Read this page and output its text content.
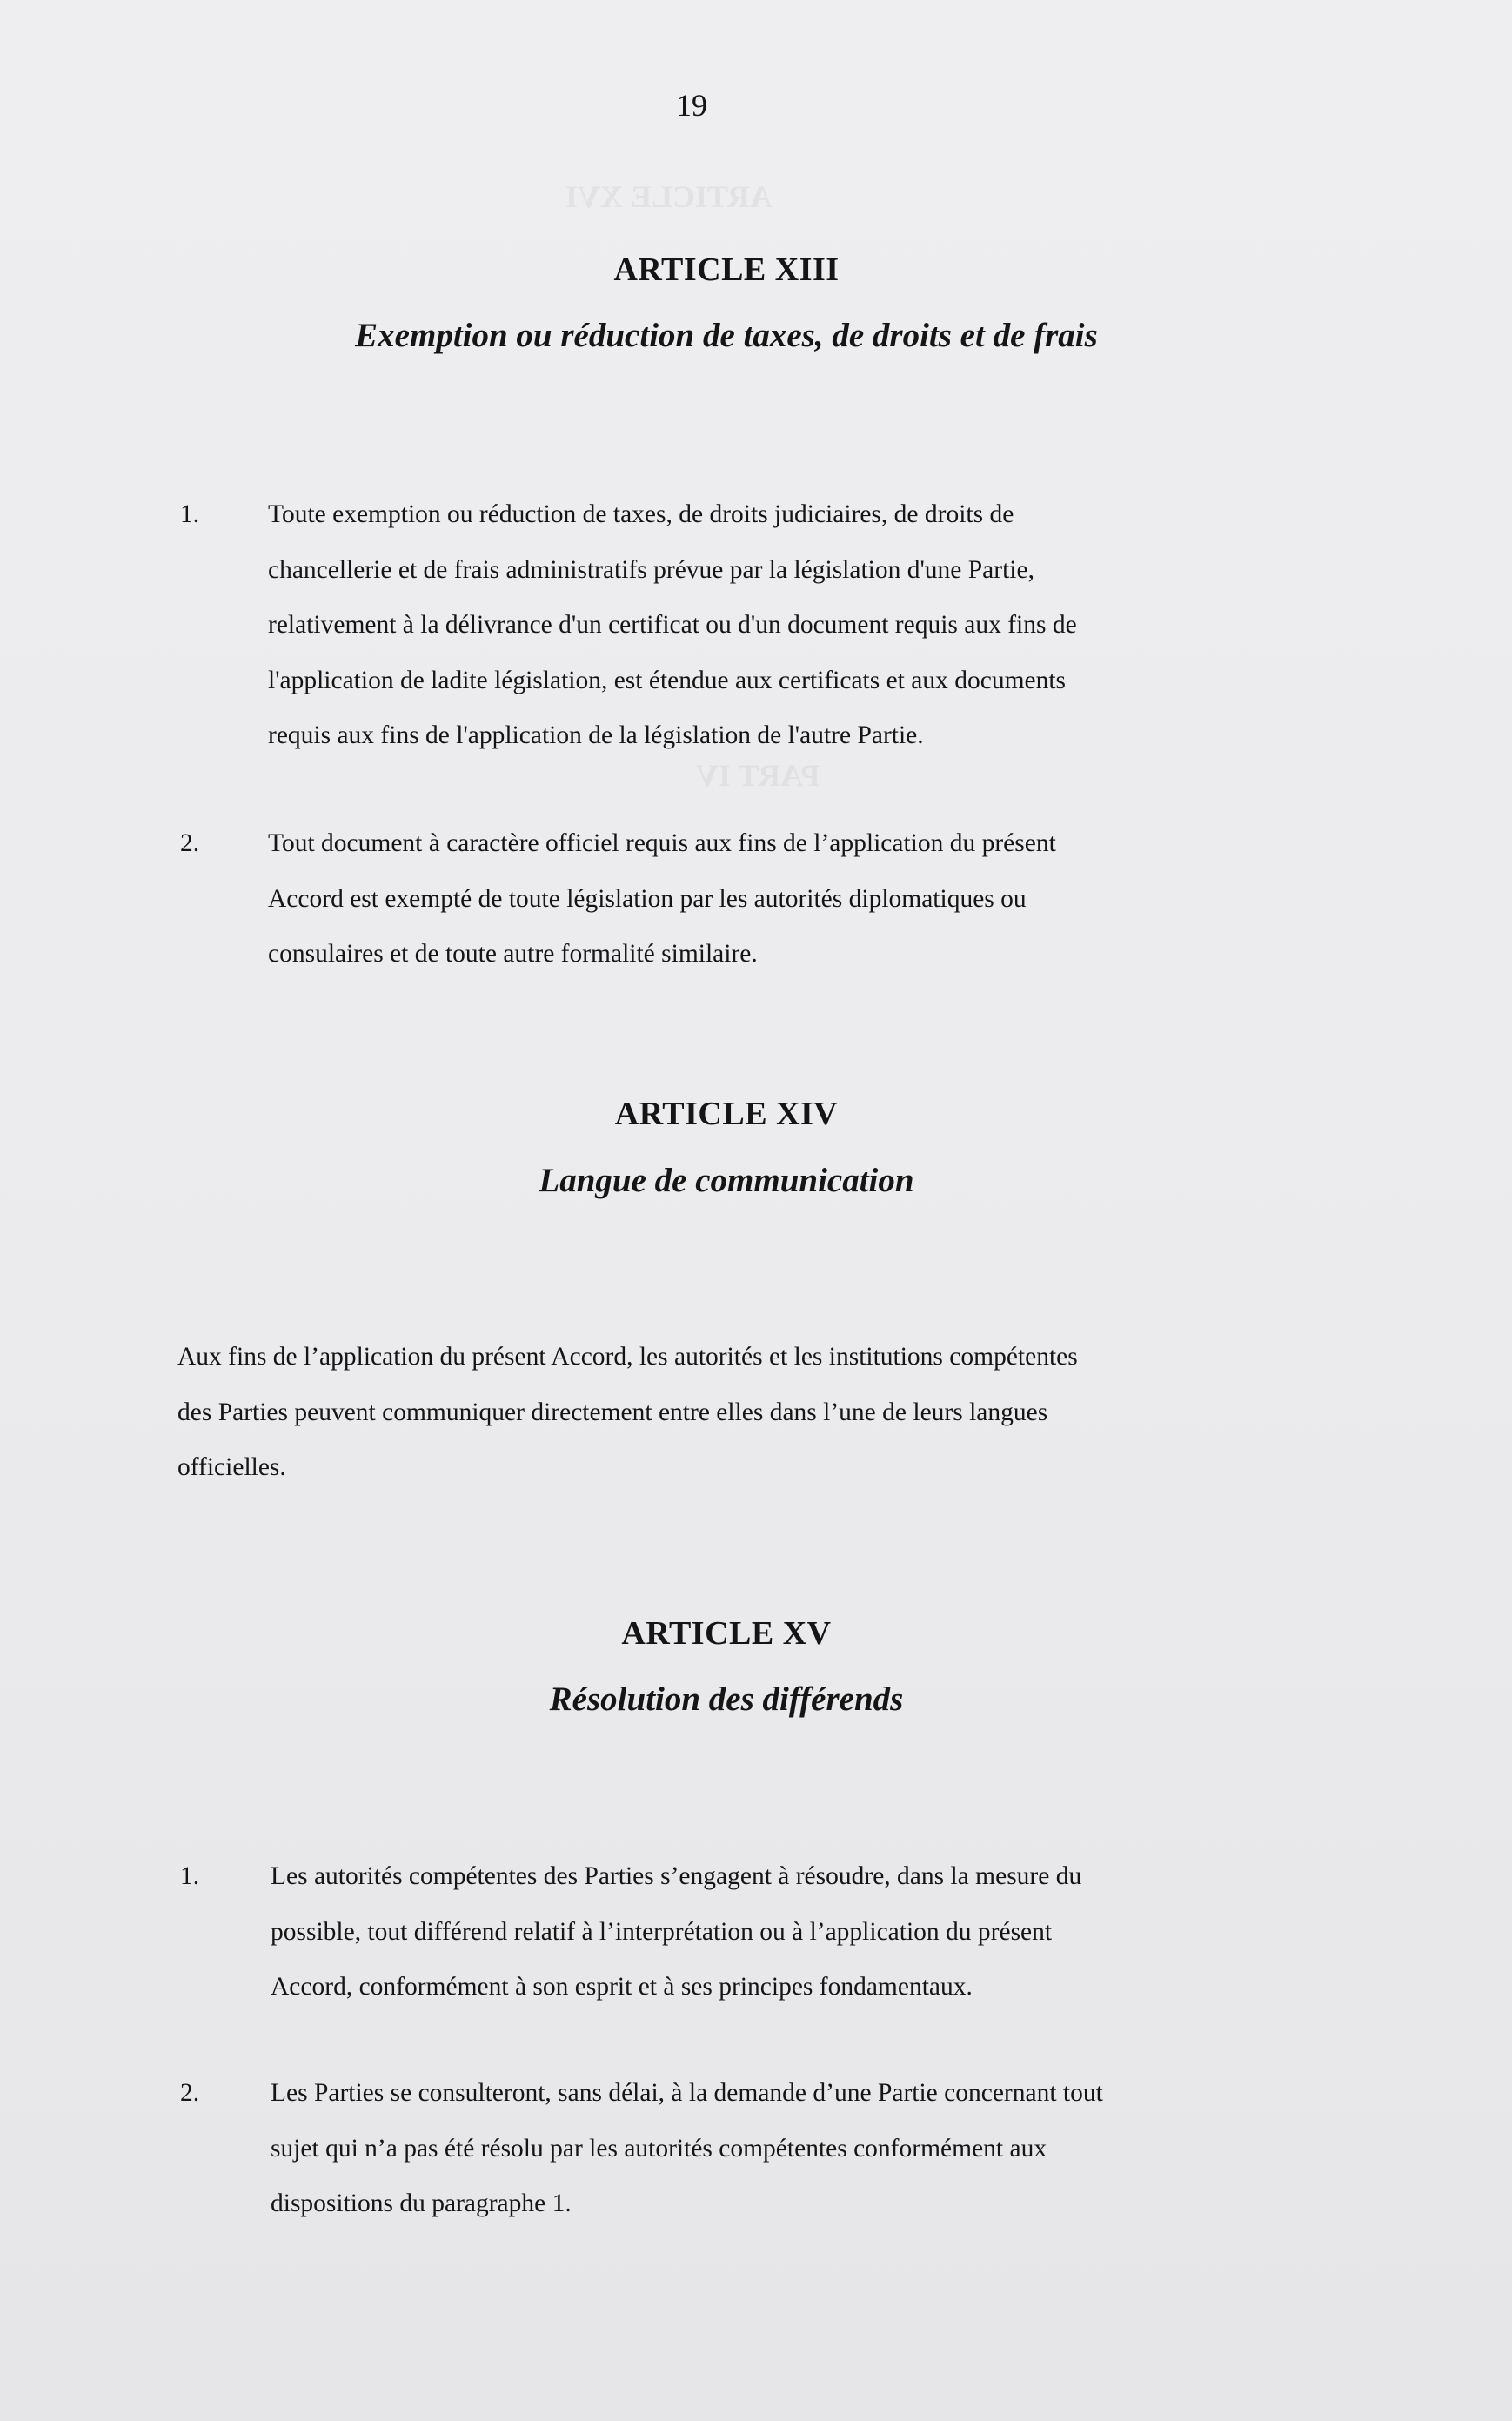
ARTICLE XVI
PART IV
19
ARTICLE XIII
Exemption ou réduction de taxes, de droits et de frais
1.	Toute exemption ou réduction de taxes, de droits judiciaires, de droits de
chancellerie et de frais administratifs prévue par la législation d'une Partie,
relativement à la délivrance d'un certificat ou d'un document requis aux fins de
l'application de ladite législation, est étendue aux certificats et aux documents
requis aux fins de l'application de la législation de l'autre Partie.
2.	Tout document à caractère officiel requis aux fins de l’application du présent
Accord est exempté de toute législation par les autorités diplomatiques ou
consulaires et de toute autre formalité similaire.
ARTICLE XIV
Langue de communication
Aux fins de l’application du présent Accord, les autorités et les institutions compétentes
des Parties peuvent communiquer directement entre elles dans l’une de leurs langues
officielles.
ARTICLE XV
Résolution des différends
1.	Les autorités compétentes des Parties s’engagent à résoudre, dans la mesure du
possible, tout différend relatif à l’interprétation ou à l’application du présent
Accord, conformément à son esprit et à ses principes fondamentaux.
2.	Les Parties se consulteront, sans délai, à la demande d’une Partie concernant tout
sujet qui n’a pas été résolu par les autorités compétentes conformément aux
dispositions du paragraphe 1.
